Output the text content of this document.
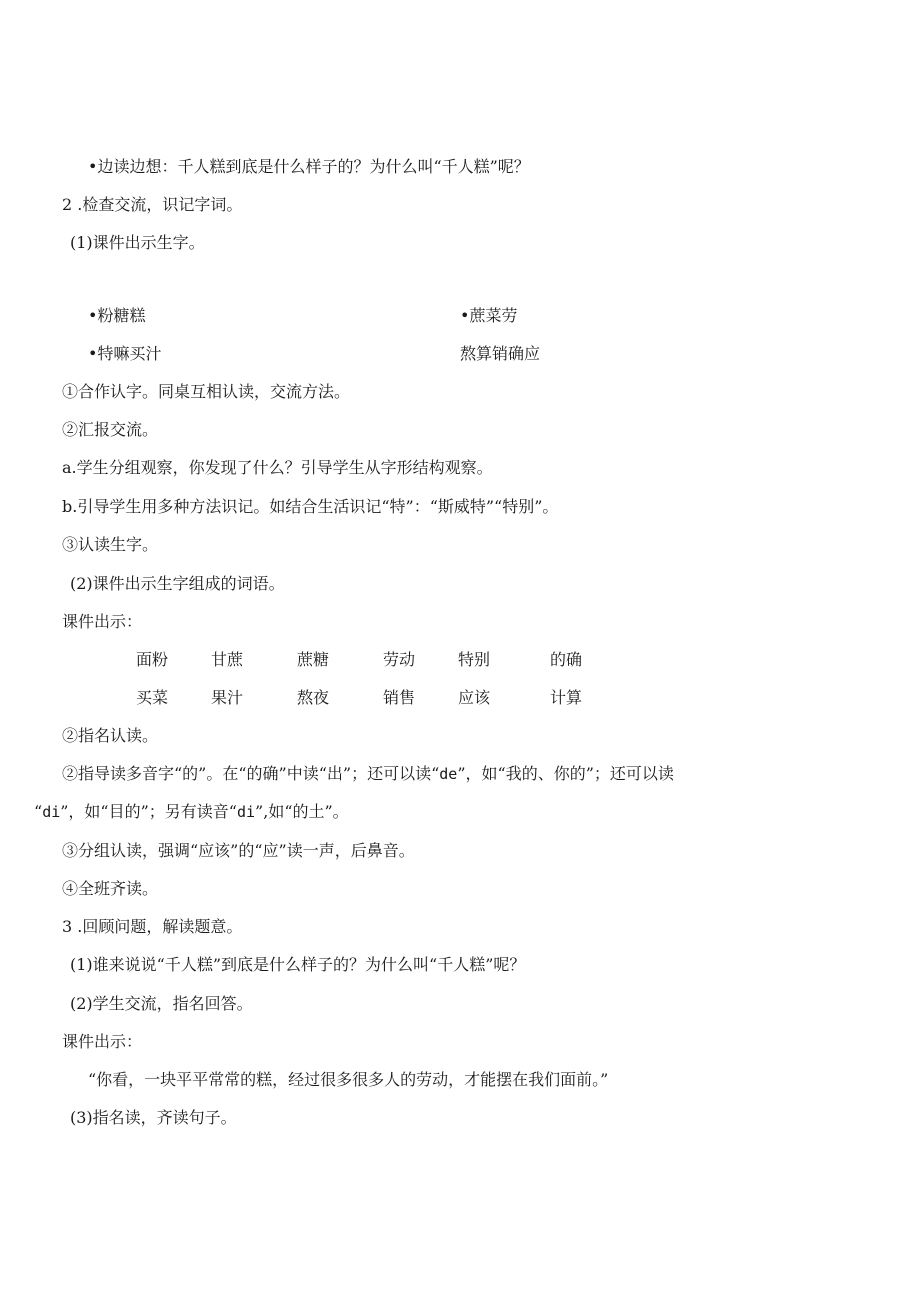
•边读边想：千人糕到底是什么样子的？为什么叫“千人糕”呢？
2 .检查交流，识记字词。
(1)课件出示生字。
•粉糖糕	•蔗菜劳
•特嘛买汁	熬算销确应
①合作认字。同桌互相认读，交流方法。
②汇报交流。
a.学生分组观察，你发现了什么？引导学生从字形结构观察。
b.引导学生用多种方法识记。如结合生活识记“特”：“斯威特”“特别”。
③认读生字。
(2)课件出示生字组成的词语。
课件出示：
面粉	甘蔗	蔗糖	劳动	特别	的确
买菜	果汁	熬夜	销售	应该	计算
②指名认读。
②指导读多音字“的”。在“的确”中读“出”；还可以读“de”，如“我的、你的”；还可以读
“di”，如“目的”；另有读音“di”,如“的土”。
③分组认读，强调“应该”的“应”读一声，后鼻音。
④全班齐读。
3 .回顾问题，解读题意。
(1)谁来说说“千人糕”到底是什么样子的？为什么叫“千人糕”呢？
(2)学生交流，指名回答。
课件出示：
“你看，一块平平常常的糕，经过很多很多人的劳动，才能摆在我们面前。”
(3)指名读，齐读句子。
